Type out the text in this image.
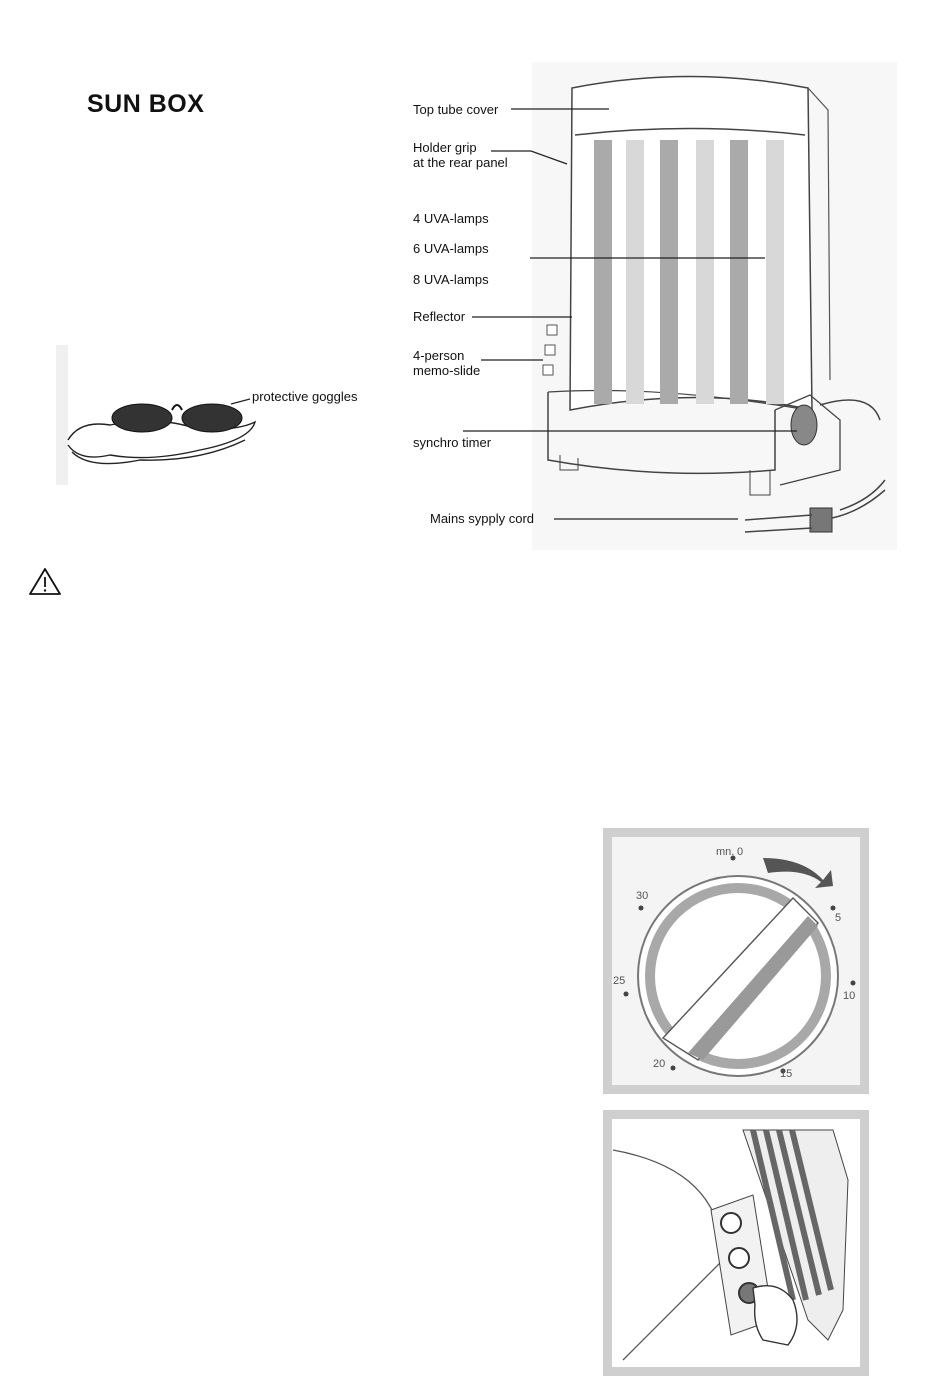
SUN BOX	Top tube cover
Holder grip
at the rear panel
4 UVA-lamps
6 UVA-lamps
8 UVA-lamps
Reflector
4-person
memo-slide
synchro timer
Mains sypply cord
protective goggles
mn. 0
5
10
15
20
25
30
